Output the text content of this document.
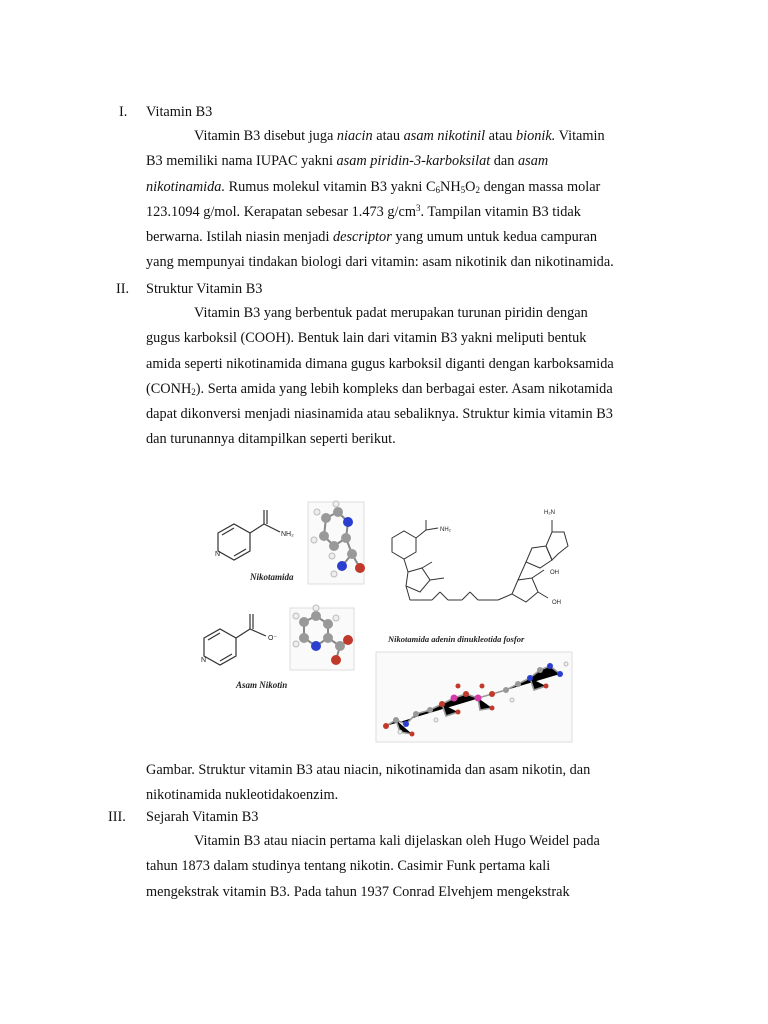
I. Vitamin B3
Vitamin B3 disebut juga niacin atau asam nikotinil atau bionik. Vitamin
B3 memiliki nama IUPAC yakni asam piridin-3-karboksilat dan asam
nikotinamida. Rumus molekul vitamin B3 yakni $C_6NH_5O_2$ dengan massa molar
123.1094 g/mol. Kerapatan sebesar 1.473 $g/cm^3$. Tampilan vitamin B3 tidak
berwarna. Istilah niasin menjadi descriptor yang umum untuk kedua campuran
yang mempunyai tindakan biologi dari vitamin: asam nikotinik dan nikotinamida.
II. Struktur Vitamin B3
Vitamin B3 yang berbentuk padat merupakan turunan piridin dengan
gugus karboksil (COOH). Bentuk lain dari vitamin B3 yakni meliputi bentuk
amida seperti nikotinamida dimana gugus karboksil diganti dengan karboksamida
$(CONH_2)$. Serta amida yang lebih kompleks dan berbagai ester. Asam nikotamida
dapat dikonversi menjadi niasinamida atau sebaliknya. Struktur kimia vitamin B3
dan turunannya ditampilkan seperti berikut.
NH₂
N
Nikotamida
O⁻
N
Asam Nikotin
NH₂
H₂N
OH
OH
Nikotamida adenin dinukleotida fosfor
Gambar. Struktur vitamin B3 atau niacin, nikotinamida dan asam nikotin, dan
nikotinamida nukleotidakoenzim.
III. Sejarah Vitamin B3
Vitamin B3 atau niacin pertama kali dijelaskan oleh Hugo Weidel pada
tahun 1873 dalam studinya tentang nikotin. Casimir Funk pertama kali
mengekstrak vitamin B3. Pada tahun 1937 Conrad Elvehjem mengekstrak
